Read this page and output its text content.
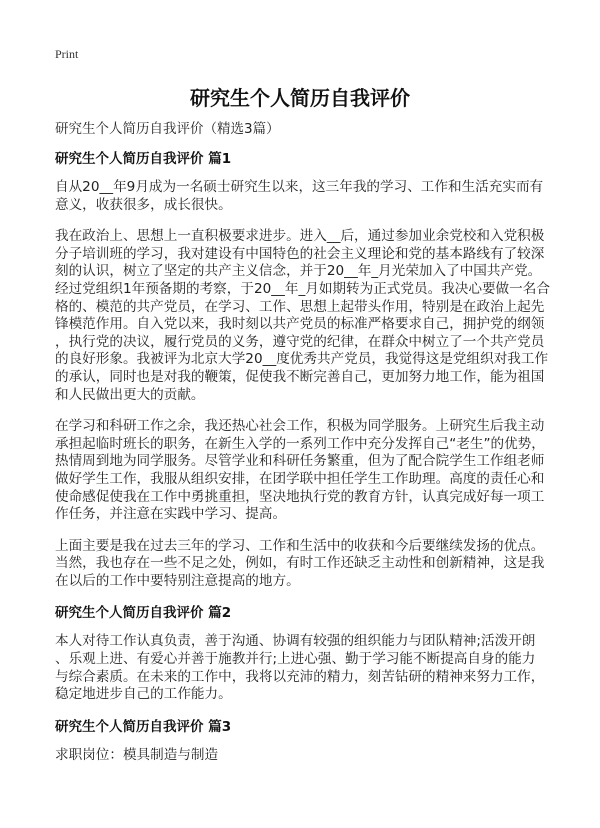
Print
研究生个人简历自我评价
研究生个人简历自我评价（精选3篇）
研究生个人简历自我评价 篇1

自从20__年9月成为一名硕士研究生以来，这三年我的学习、工作和生活充实而有
意义，收获很多，成长很快。

我在政治上、思想上一直积极要求进步。进入__后，通过参加业余党校和入党积极
分子培训班的学习，我对建设有中国特色的社会主义理论和党的基本路线有了较深
刻的认识，树立了坚定的共产主义信念，并于20__年_月光荣加入了中国共产党。
经过党组织1年预备期的考察，于20__年_月如期转为正式党员。我决心要做一名合
格的、模范的共产党员，在学习、工作、思想上起带头作用，特别是在政治上起先
锋模范作用。自入党以来，我时刻以共产党员的标准严格要求自己，拥护党的纲领
，执行党的决议，履行党员的义务，遵守党的纪律，在群众中树立了一个共产党员
的良好形象。我被评为北京大学20__度优秀共产党员，我觉得这是党组织对我工作
的承认，同时也是对我的鞭策，促使我不断完善自己，更加努力地工作，能为祖国
和人民做出更大的贡献。

在学习和科研工作之余，我还热心社会工作，积极为同学服务。上研究生后我主动
承担起临时班长的职务，在新生入学的一系列工作中充分发挥自己“老生”的优势，
热情周到地为同学服务。尽管学业和科研任务繁重，但为了配合院学生工作组老师
做好学生工作，我服从组织安排，在团学联中担任学生工作助理。高度的责任心和
使命感促使我在工作中勇挑重担，坚决地执行党的教育方针，认真完成好每一项工
作任务，并注意在实践中学习、提高。

上面主要是我在过去三年的学习、工作和生活中的收获和今后要继续发扬的优点。
当然，我也存在一些不足之处，例如，有时工作还缺乏主动性和创新精神，这是我
在以后的工作中要特别注意提高的地方。

研究生个人简历自我评价 篇2

本人对待工作认真负责，善于沟通、协调有较强的组织能力与团队精神;活泼开朗
、乐观上进、有爱心并善于施教并行;上进心强、勤于学习能不断提高自身的能力
与综合素质。在未来的工作中，我将以充沛的精力，刻苦钻研的精神来努力工作，
稳定地进步自己的工作能力。

研究生个人简历自我评价 篇3

求职岗位：模具制造与制造
